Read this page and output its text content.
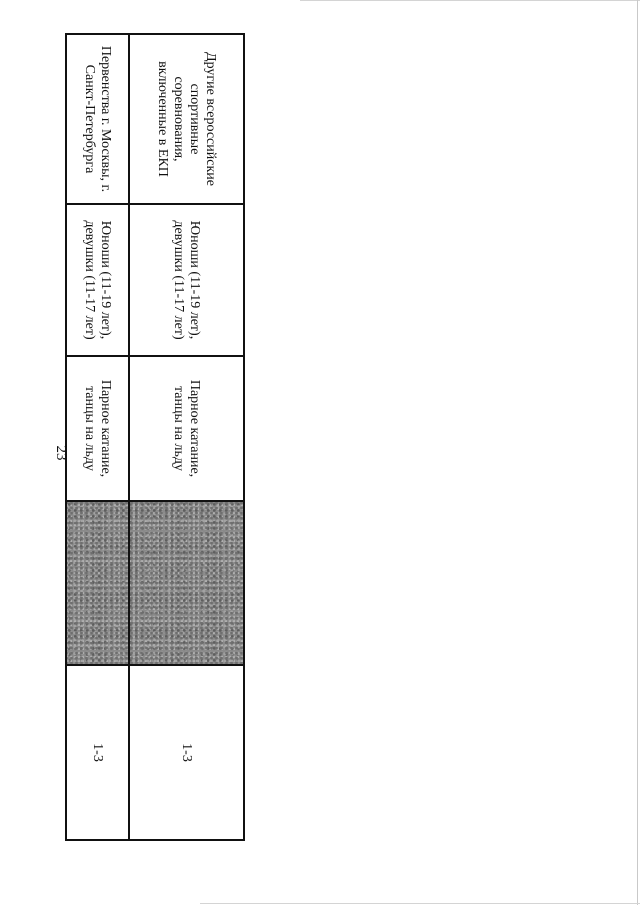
23
Другие всероссийские спортивные соревнования, включенные в ЕКП	Юноши (11-19 лет), девушки (11-17 лет)	Парное катание, танцы на льду		1-3
Первенства г. Москвы, г. Санкт-Петербурга	Юноши (11-19 лет), девушки (11-17 лет)	Парное катание, танцы на льду		1-3
